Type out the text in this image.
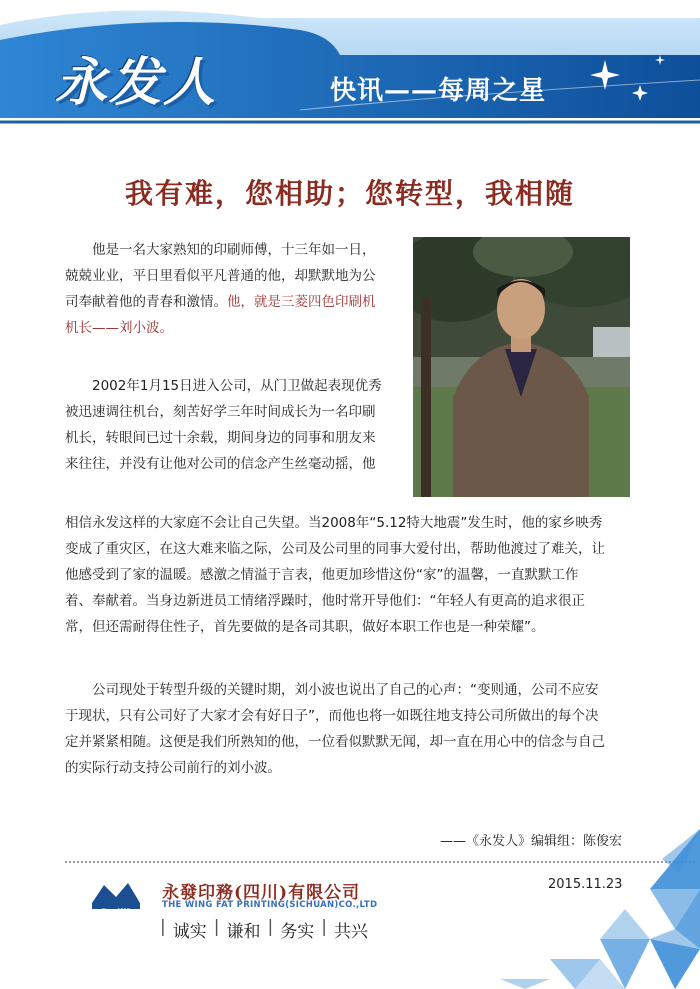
永发人	快讯——每周之星
我有难，您相助；您转型，我相随
他是一名大家熟知的印刷师傅，十三年如一日，
兢兢业业，平日里看似平凡普通的他，却默默地为公
司奉献着他的青春和激情。他，就是三菱四色印刷机
机长——刘小波。
2002年1月15日进入公司，从门卫做起表现优秀
被迅速调往机台，刻苦好学三年时间成长为一名印刷
机长，转眼间已过十余载，期间身边的同事和朋友来
来往往，并没有让他对公司的信念产生丝毫动摇，他
相信永发这样的大家庭不会让自己失望。当2008年“5.12特大地震”发生时，他的家乡映秀
变成了重灾区，在这大难来临之际，公司及公司里的同事大爱付出，帮助他渡过了难关，让
他感受到了家的温暖。感激之情溢于言表，他更加珍惜这份“家”的温馨，一直默默工作
着、奉献着。当身边新进员工情绪浮躁时，他时常开导他们：“年轻人有更高的追求很正
常，但还需耐得住性子，首先要做的是各司其职，做好本职工作也是一种荣耀”。
公司现处于转型升级的关键时期，刘小波也说出了自己的心声：“变则通，公司不应安
于现状，只有公司好了大家才会有好日子”，而他也将一如既往地支持公司所做出的每个决
定并紧紧相随。这便是我们所熟知的他，一位看似默默无闻，却一直在用心中的信念与自己
的实际行动支持公司前行的刘小波。
——《永发人》编辑组：陈俊宏
2015.11.23
Since 1910
永發印務(四川)有限公司
THE WING FAT PRINTING(SICHUAN)CO.,LTD
| 诚实 | 谦和 | 务实 | 共兴
